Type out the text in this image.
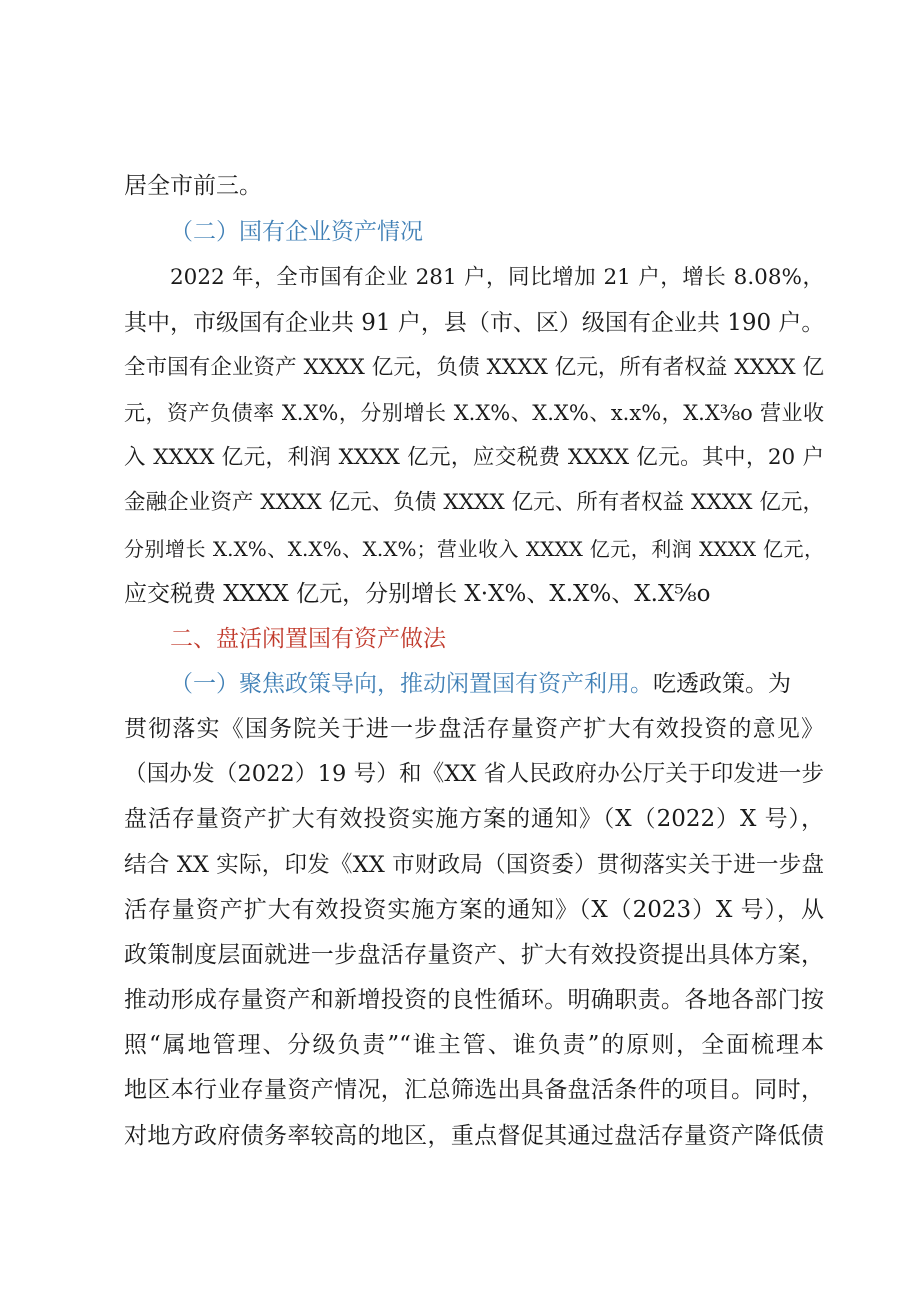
居全市前三。
（二）国有企业资产情况
2022 年，全市国有企业 281 户，同比增加 21 户，增长 8.08%，
其中，市级国有企业共 91 户，县（市、区）级国有企业共 190 户。
全市国有企业资产 XXXX 亿元，负债 XXXX 亿元，所有者权益 XXXX 亿
元，资产负债率 X.X%，分别增长 X.X%、X.X%、x.x%，X.X³⁄₈o 营业收
入 XXXX 亿元，利润 XXXX 亿元，应交税费 XXXX 亿元。其中，20 户
金融企业资产 XXXX 亿元、负债 XXXX 亿元、所有者权益 XXXX 亿元，
分别增长 X.X%、X.X%、X.X%；营业收入 XXXX 亿元，利润 XXXX 亿元，
应交税费 XXXX 亿元，分别增长 X·X%、X.X%、X.X⁵⁄₈o
二、盘活闲置国有资产做法
（一）聚焦政策导向，推动闲置国有资产利用。吃透政策。为
贯彻落实《国务院关于进一步盘活存量资产扩大有效投资的意见》
（国办发（2022）19 号）和《XX 省人民政府办公厅关于印发进一步
盘活存量资产扩大有效投资实施方案的通知》（X（2022）X 号），
结合 XX 实际，印发《XX 市财政局（国资委）贯彻落实关于进一步盘
活存量资产扩大有效投资实施方案的通知》（X（2023）X 号），从
政策制度层面就进一步盘活存量资产、扩大有效投资提出具体方案，
推动形成存量资产和新增投资的良性循环。明确职责。各地各部门按
照“属地管理、分级负责”“谁主管、谁负责”的原则，全面梳理本
地区本行业存量资产情况，汇总筛选出具备盘活条件的项目。同时，
对地方政府债务率较高的地区，重点督促其通过盘活存量资产降低债
